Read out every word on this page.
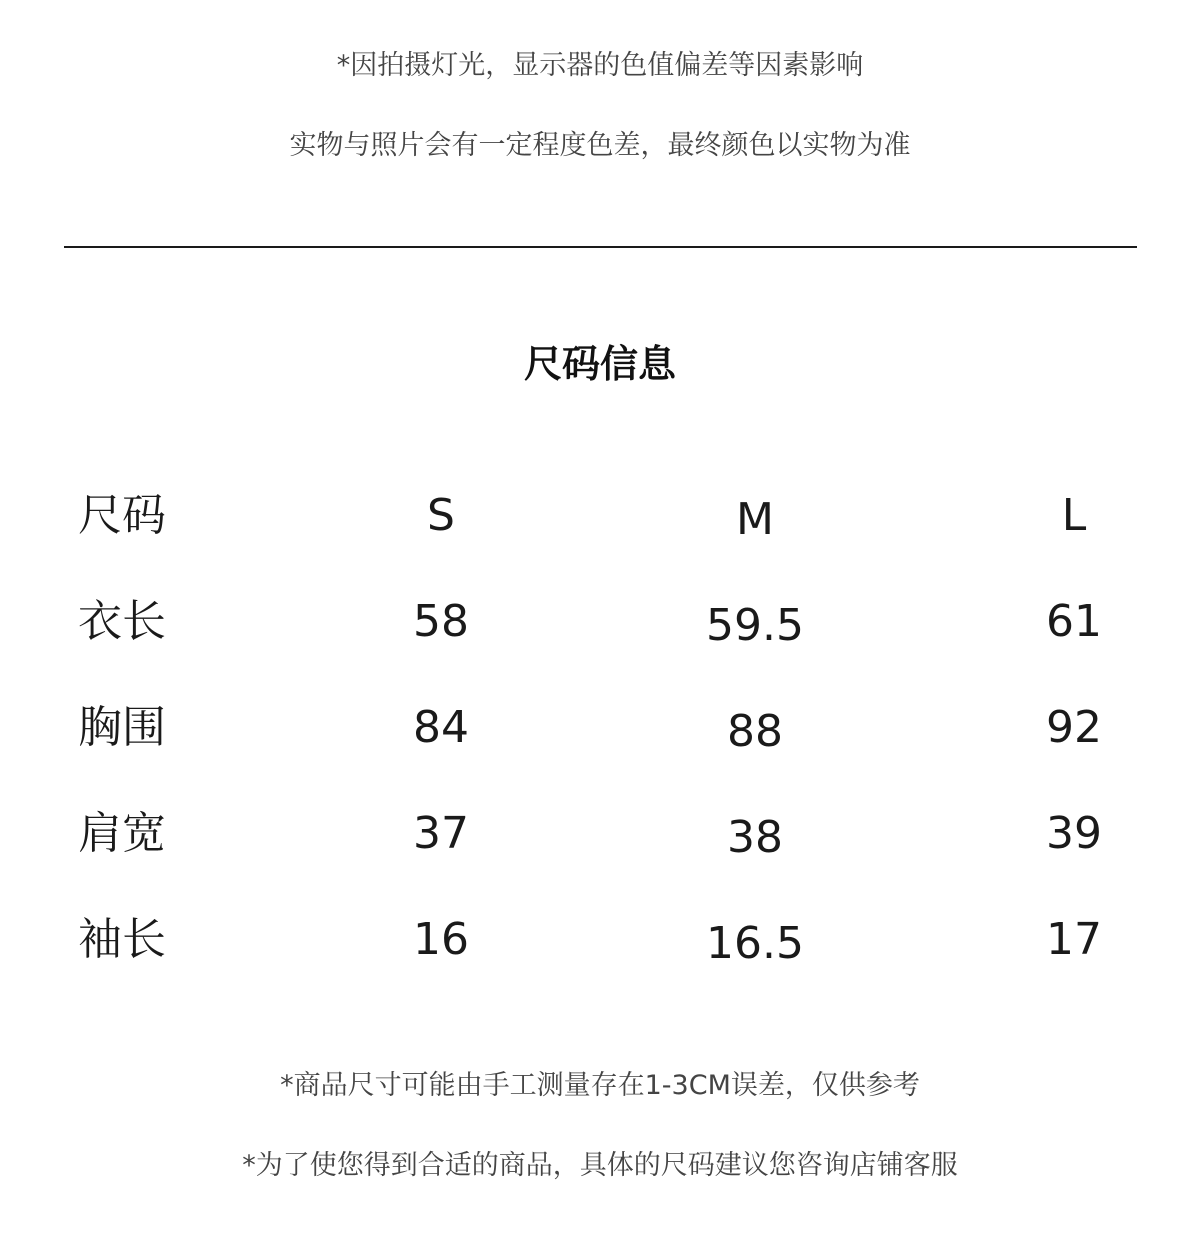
*因拍摄灯光，显示器的色值偏差等因素影响
实物与照片会有一定程度色差，最终颜色以实物为准
尺码信息
尺码	S	M	L
衣长	58	59.5	61
胸围	84	88	92
肩宽	37	38	39
袖长	16	16.5	17
*商品尺寸可能由手工测量存在1-3CM误差，仅供参考
*为了使您得到合适的商品，具体的尺码建议您咨询店铺客服
